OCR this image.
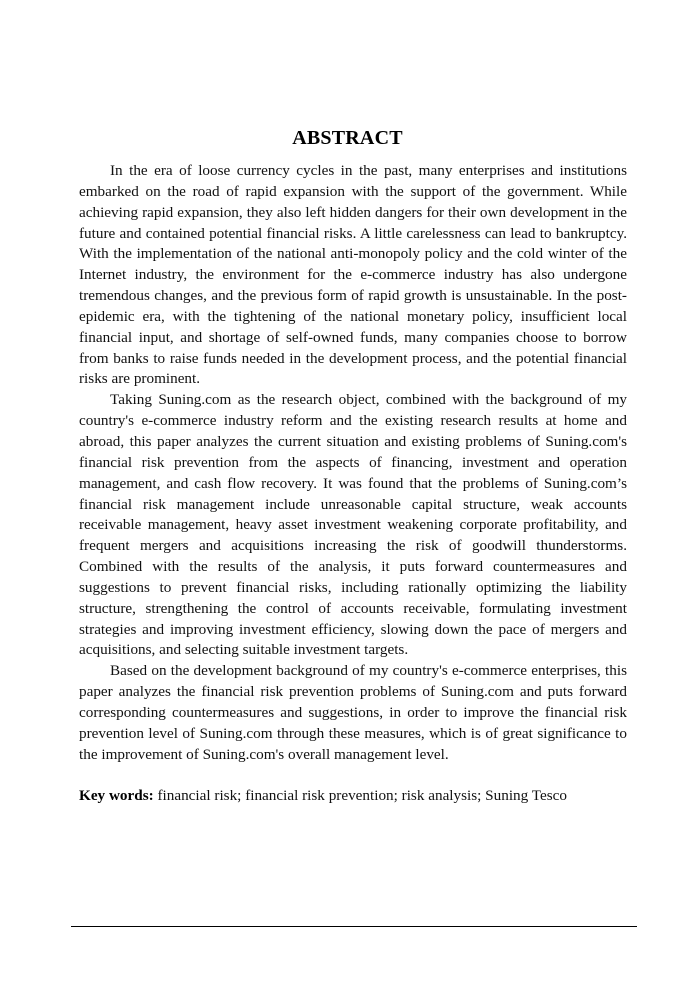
ABSTRACT

In the era of loose currency cycles in the past, many enterprises and institutions embarked on the road of rapid expansion with the support of the government. While achieving rapid expansion, they also left hidden dangers for their own development in the future and contained potential financial risks. A little carelessness can lead to bankruptcy. With the implementation of the national anti-monopoly policy and the cold winter of the Internet industry, the environment for the e-commerce industry has also undergone tremendous changes, and the previous form of rapid growth is unsustainable. In the post-epidemic era, with the tightening of the national monetary policy, insufficient local financial input, and shortage of self-owned funds, many companies choose to borrow from banks to raise funds needed in the development process, and the potential financial risks are prominent.

Taking Suning.com as the research object, combined with the background of my country's e-commerce industry reform and the existing research results at home and abroad, this paper analyzes the current situation and existing problems of Suning.com's financial risk prevention from the aspects of financing, investment and operation management, and cash flow recovery. It was found that the problems of Suning.com’s financial risk management include unreasonable capital structure, weak accounts receivable management, heavy asset investment weakening corporate profitability, and frequent mergers and acquisitions increasing the risk of goodwill thunderstorms. Combined with the results of the analysis, it puts forward countermeasures and suggestions to prevent financial risks, including rationally optimizing the liability structure, strengthening the control of accounts receivable, formulating investment strategies and improving investment efficiency, slowing down the pace of mergers and acquisitions, and selecting suitable investment targets.

Based on the development background of my country's e-commerce enterprises, this paper analyzes the financial risk prevention problems of Suning.com and puts forward corresponding countermeasures and suggestions, in order to improve the financial risk prevention level of Suning.com through these measures, which is of great significance to the improvement of Suning.com's overall management level.

Key words: financial risk; financial risk prevention; risk analysis; Suning Tesco
